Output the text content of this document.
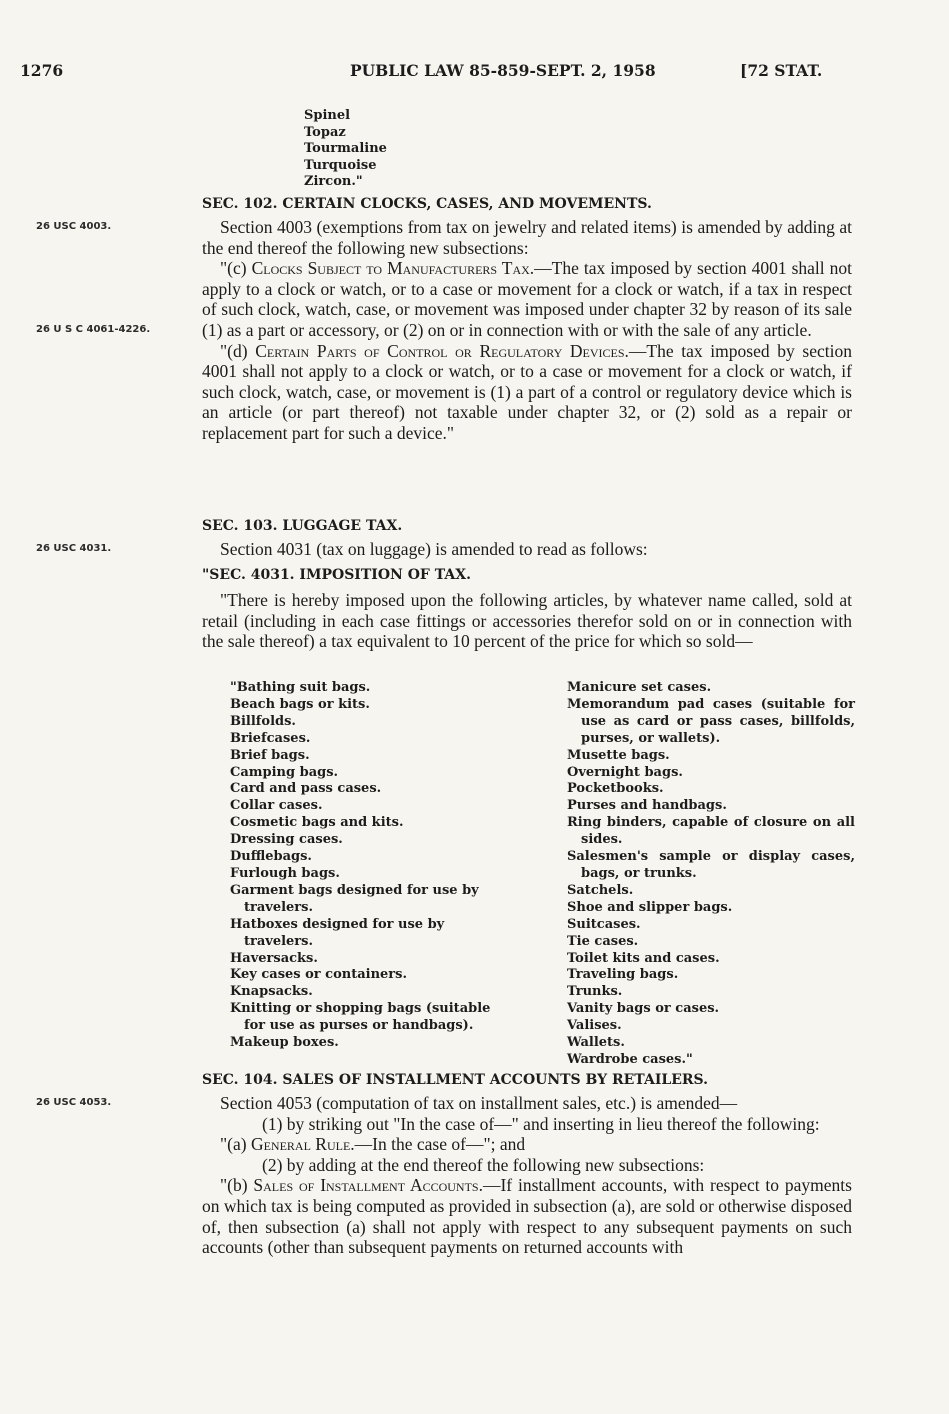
1276	PUBLIC LAW 85-859-SEPT. 2, 1958	[72 STAT.
Spinel
Topaz
Tourmaline
Turquoise
Zircon."
SEC. 102. CERTAIN CLOCKS, CASES, AND MOVEMENTS.
26 USC 4003.	Section 4003 (exemptions from tax on jewelry and related items) is amended by adding at the end thereof the following new subsections:

"(c) Clocks Subject to Manufacturers Tax.—The tax imposed by section 4001 shall not apply to a clock or watch, or to a case or movement for a clock or watch, if a tax in respect of such clock, watch, case, or movement was imposed under chapter 32 by reason of its sale (1) as a part or accessory, or (2) on or in connection with or with the sale of any article.

"(d) Certain Parts of Control or Regulatory Devices.—The tax imposed by section 4001 shall not apply to a clock or watch, or to a case or movement for a clock or watch, if such clock, watch, case, or movement is (1) a part of a control or regulatory device which is an article (or part thereof) not taxable under chapter 32, or (2) sold as a repair or replacement part for such a device."

26 U S C 4061-4226.
SEC. 103. LUGGAGE TAX.
26 USC 4031.	Section 4031 (tax on luggage) is amended to read as follows:

"SEC. 4031. IMPOSITION OF TAX.

"There is hereby imposed upon the following articles, by whatever name called, sold at retail (including in each case fittings or accessories therefor sold on or in connection with the sale thereof) a tax equivalent to 10 percent of the price for which so sold—

"Bathing suit bags.
Beach bags or kits.
Billfolds.
Briefcases.
Brief bags.
Camping bags.
Card and pass cases.
Collar cases.
Cosmetic bags and kits.
Dressing cases.
Dufflebags.
Furlough bags.
Garment bags designed for use by travelers.
Hatboxes designed for use by travelers.
Haversacks.
Key cases or containers.
Knapsacks.
Knitting or shopping bags (suitable for use as purses or handbags).
Makeup boxes.
Manicure set cases.
Memorandum pad cases (suitable for use as card or pass cases, billfolds, purses, or wallets).
Musette bags.
Overnight bags.
Pocketbooks.
Purses and handbags.
Ring binders, capable of closure on all sides.
Salesmen's sample or display cases, bags, or trunks.
Satchels.
Shoe and slipper bags.
Suitcases.
Tie cases.
Toilet kits and cases.
Traveling bags.
Trunks.
Vanity bags or cases.
Valises.
Wallets.
Wardrobe cases."
SEC. 104. SALES OF INSTALLMENT ACCOUNTS BY RETAILERS.
26 USC 4053.	Section 4053 (computation of tax on installment sales, etc.) is amended—

(1) by striking out "In the case of—" and inserting in lieu thereof the following:

"(a) General Rule.—In the case of—"; and

(2) by adding at the end thereof the following new subsections:

"(b) Sales of Installment Accounts.—If installment accounts, with respect to payments on which tax is being computed as provided in subsection (a), are sold or otherwise disposed of, then subsection (a) shall not apply with respect to any subsequent payments on such accounts (other than subsequent payments on returned accounts with
